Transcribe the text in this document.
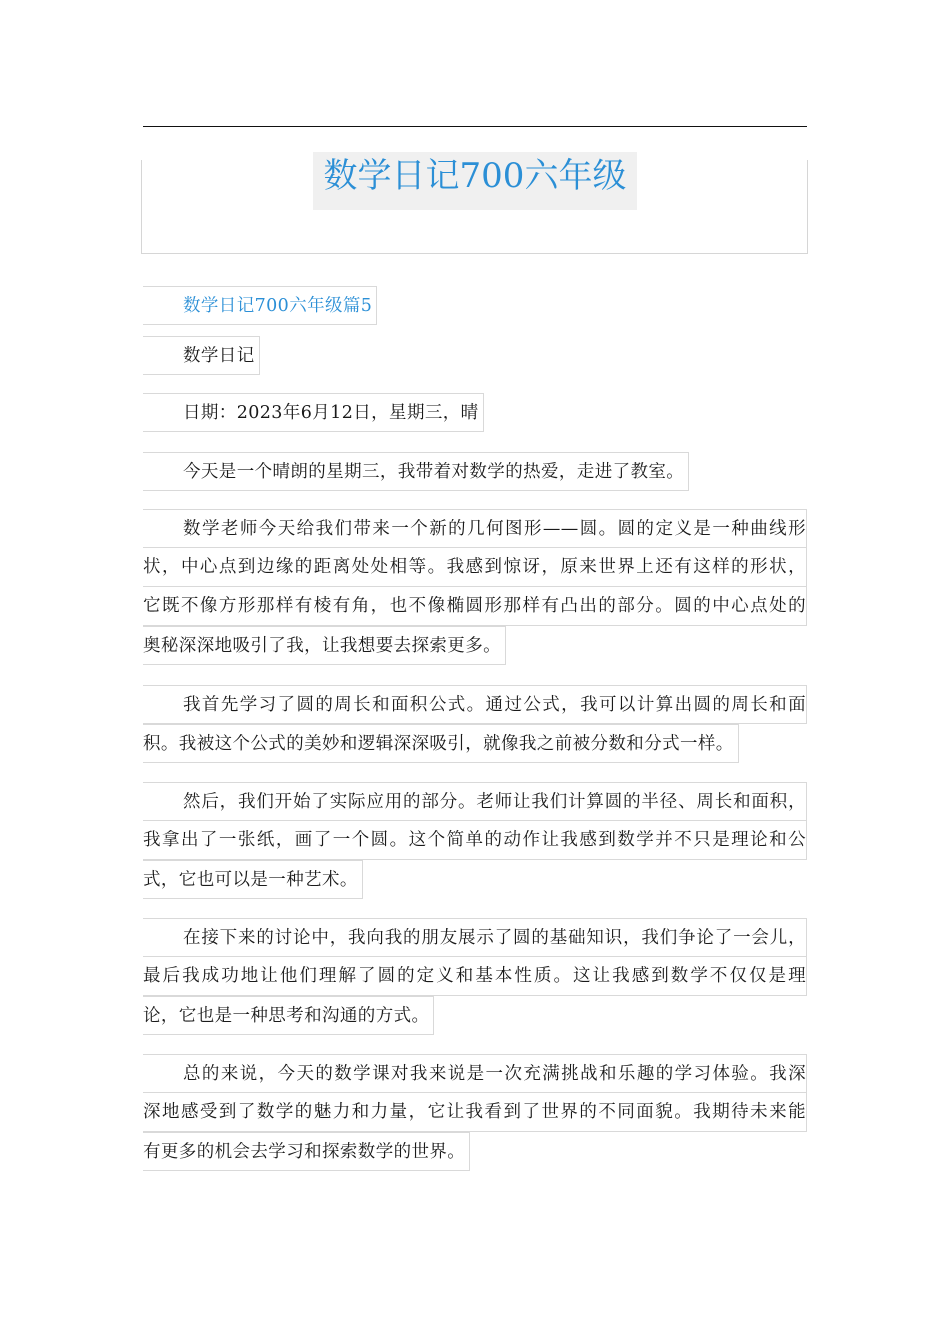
数学日记700六年级

数学日记700六年级篇5

数学日记

日期：2023年6月12日，星期三，晴

今天是一个晴朗的星期三，我带着对数学的热爱，走进了教室。
数学老师今天给我们带来一个新的几何图形——圆。圆的定义是一种曲线形
状，中心点到边缘的距离处处相等。我感到惊讶，原来世界上还有这样的形状，
它既不像方形那样有棱有角，也不像椭圆形那样有凸出的部分。圆的中心点处的
奥秘深深地吸引了我，让我想要去探索更多。
我首先学习了圆的周长和面积公式。通过公式，我可以计算出圆的周长和面
积。我被这个公式的美妙和逻辑深深吸引，就像我之前被分数和分式一样。
然后，我们开始了实际应用的部分。老师让我们计算圆的半径、周长和面积，
我拿出了一张纸，画了一个圆。这个简单的动作让我感到数学并不只是理论和公
式，它也可以是一种艺术。
在接下来的讨论中，我向我的朋友展示了圆的基础知识，我们争论了一会儿，
最后我成功地让他们理解了圆的定义和基本性质。这让我感到数学不仅仅是理
论，它也是一种思考和沟通的方式。
总的来说，今天的数学课对我来说是一次充满挑战和乐趣的学习体验。我深
深地感受到了数学的魅力和力量，它让我看到了世界的不同面貌。我期待未来能
有更多的机会去学习和探索数学的世界。
